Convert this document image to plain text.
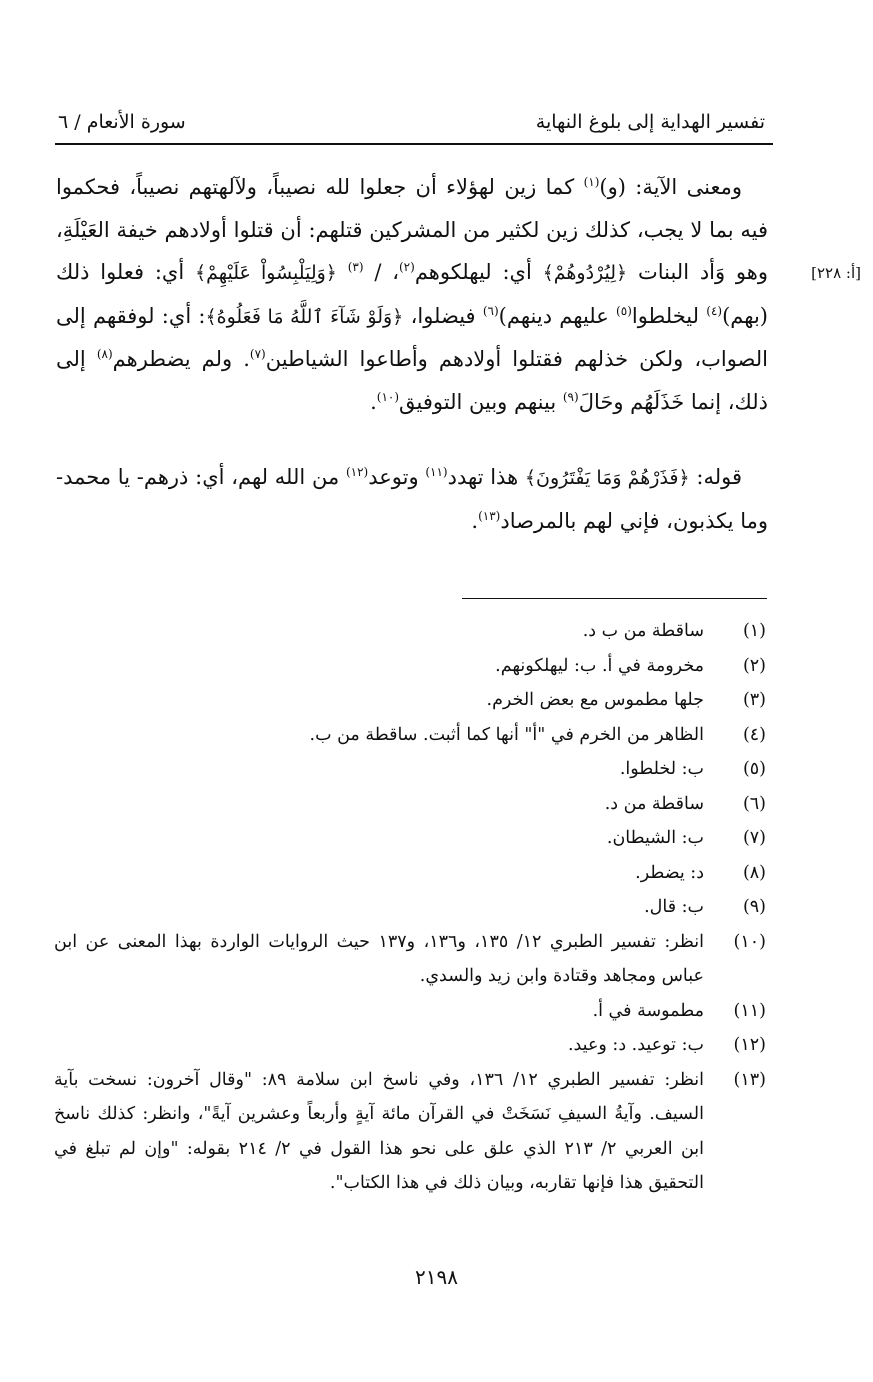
تفسير الهداية إلى بلوغ النهاية
سورة الأنعام / ٦
[أ: ٢٢٨]

ومعنى الآية: (و)$^{(١)}$ كما زين لهؤلاء أن جعلوا لله نصيباً، ولآلهتهم نصيباً، فحكموا فيه بما لا يجب، كذلك زين لكثير من المشركين قتلهم: أن قتلوا أولادهم خيفة العَيْلَةِ، وهو وَأد البنات ﴿لِيُرْدُوهُمْ﴾ أي: ليهلكوهم$^{(٢)}$، / $^{(٣)}$ ﴿وَلِيَلْبِسُواْ عَلَيْهِمْ﴾ أي: فعلوا ذلك (بهم)$^{(٤)}$ ليخلطوا$^{(٥)}$ عليهم دينهم)$^{(٦)}$ فيضلوا، ﴿وَلَوْ شَآءَ ٱللَّهُ مَا فَعَلُوهُ﴾: أي: لوفقهم إلى الصواب، ولكن خذلهم فقتلوا أولادهم وأطاعوا الشياطين$^{(٧)}$. ولم يضطرهم$^{(٨)}$ إلى ذلك، إنما خَذَلَهُم وحَالَ$^{(٩)}$ بينهم وبين التوفيق$^{(١٠)}$.

قوله: ﴿فَذَرْهُمْ وَمَا يَفْتَرُونَ﴾ هذا تهدد$^{(١١)}$ وتوعد$^{(١٢)}$ من الله لهم، أي: ذرهم- يا محمد- وما يكذبون، فإني لهم بالمرصاد$^{(١٣)}$.

(١)
ساقطة من ب د.
(٢)
مخرومة في أ. ب: ليهلكونهم.
(٣)
جلها مطموس مع بعض الخرم.
(٤)
الظاهر من الخرم في "أ" أنها كما أثبت. ساقطة من ب.
(٥)
ب: لخلطوا.
(٦)
ساقطة من د.
(٧)
ب: الشيطان.
(٨)
د: يضطر.
(٩)
ب: قال.
(١٠)
انظر: تفسير الطبري ١٢/ ١٣٥، و١٣٦، و١٣٧ حيث الروايات الواردة بهذا المعنى عن ابن عباس ومجاهد وقتادة وابن زيد والسدي.
(١١)
مطموسة في أ.
(١٢)
ب: توعيد. د: وعيد.
(١٣)
انظر: تفسير الطبري ١٢/ ١٣٦، وفي ناسخ ابن سلامة ٨٩: "وقال آخرون: نسخت بآية السيف. وآيةُ السيفِ نَسَخَتْ في القرآن مائة آيةٍ وأربعاً وعشرين آيةً"، وانظر: كذلك ناسخ ابن العربي ٢/ ٢١٣ الذي علق على نحو هذا القول في ٢/ ٢١٤ بقوله: "وإن لم تبلغ في التحقيق هذا فإنها تقاربه، وبيان ذلك في هذا الكتاب".
٢١٩٨
